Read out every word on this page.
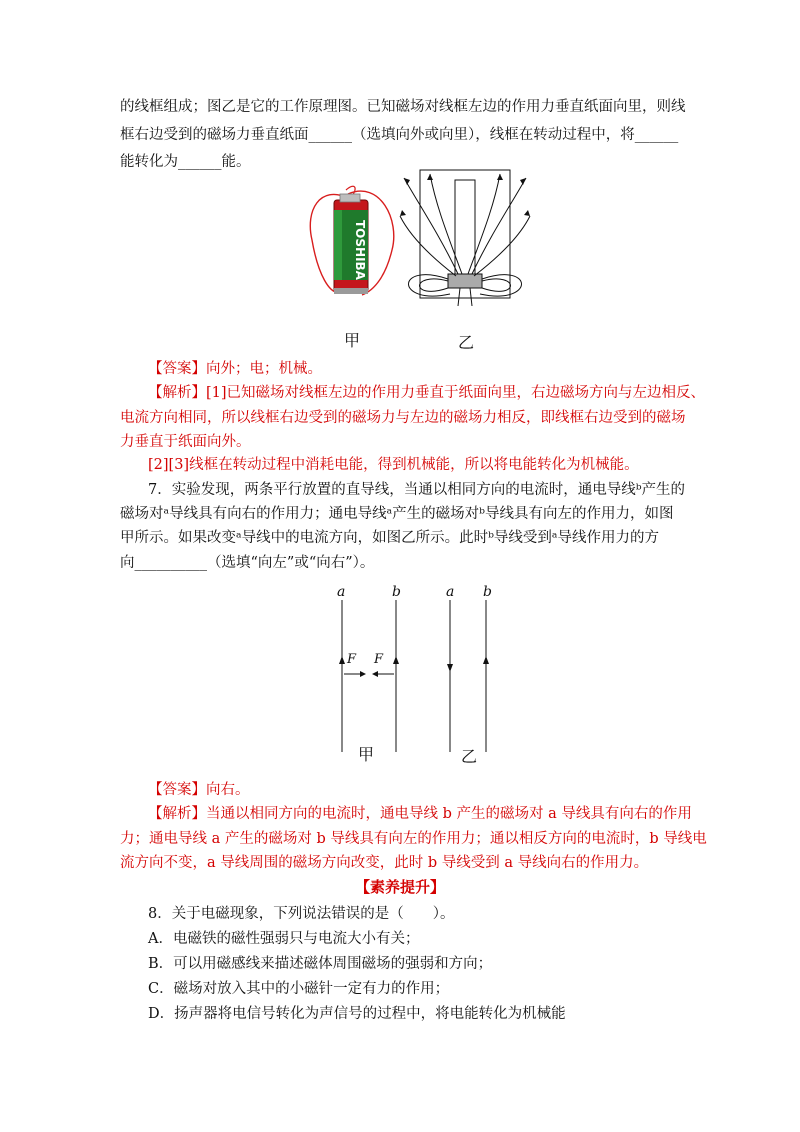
的线框组成；图乙是它的工作原理图。已知磁场对线框左边的作用力垂直纸面向里，则线
框右边受到的磁场力垂直纸面______（选填向外或向里），线框在转动过程中，将______
能转化为______能。
TOSHIBA
甲	乙
【答案】向外；电；机械。
【解析】[1]已知磁场对线框左边的作用力垂直于纸面向里，右边磁场方向与左边相反、
电流方向相同，所以线框右边受到的磁场力与左边的磁场力相反，即线框右边受到的磁场
力垂直于纸面向外。
[2][3]线框在转动过程中消耗电能，得到机械能，所以将电能转化为机械能。
7．实验发现，两条平行放置的直导线，当通以相同方向的电流时，通电导线ᵇ产生的
磁场对ᵃ导线具有向右的作用力；通电导线ᵃ产生的磁场对ᵇ导线具有向左的作用力，如图
甲所示。如果改变ᵃ导线中的电流方向，如图乙所示。此时ᵇ导线受到ᵃ导线作用力的方
向__________（选填“向左”或“向右”）。
a	b	a b
F F
甲	乙
【答案】向右。
【解析】当通以相同方向的电流时，通电导线 b 产生的磁场对 a 导线具有向右的作用
力；通电导线 a 产生的磁场对 b 导线具有向左的作用力；通以相反方向的电流时，b 导线电
流方向不变，a 导线周围的磁场方向改变，此时 b 导线受到 a 导线向右的作用力。
【素养提升】
8．关于电磁现象，下列说法错误的是（　　）。
A．电磁铁的磁性强弱只与电流大小有关；
B．可以用磁感线来描述磁体周围磁场的强弱和方向；
C．磁场对放入其中的小磁针一定有力的作用；
D．扬声器将电信号转化为声信号的过程中，将电能转化为机械能
